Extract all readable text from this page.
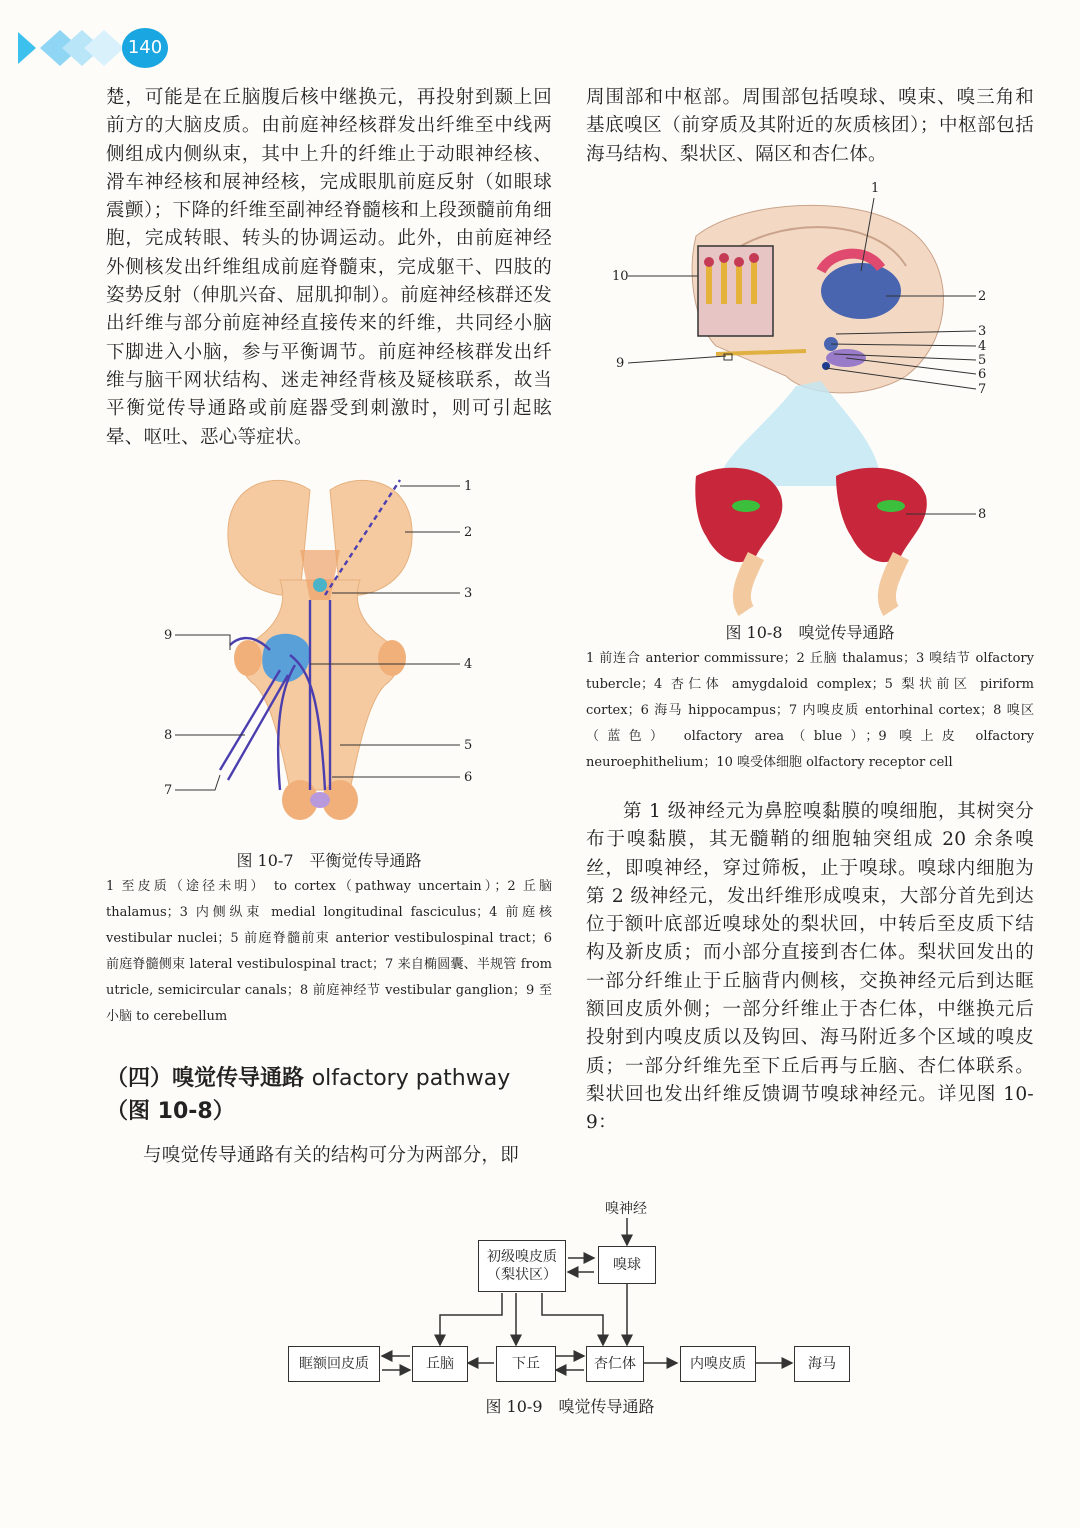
140

楚，可能是在丘脑腹后核中继换元，再投射到颞上回前方的大脑皮质。由前庭神经核群发出纤维至中线两侧组成内侧纵束，其中上升的纤维止于动眼神经核、滑车神经核和展神经核，完成眼肌前庭反射（如眼球震颤）；下降的纤维至副神经脊髓核和上段颈髓前角细胞，完成转眼、转头的协调运动。此外，由前庭神经外侧核发出纤维组成前庭脊髓束，完成躯干、四肢的姿势反射（伸肌兴奋、屈肌抑制）。前庭神经核群还发出纤维与部分前庭神经直接传来的纤维，共同经小脑下脚进入小脑，参与平衡调节。前庭神经核群发出纤维与脑干网状结构、迷走神经背核及疑核联系，故当平衡觉传导通路或前庭器受到刺激时，则可引起眩晕、呕吐、恶心等症状。

1
2
3
4
5
6
7
8
9
图 10-7　平衡觉传导通路
1 至皮质（途径未明） to cortex（pathway uncertain）；2 丘脑 thalamus；3 内侧纵束 medial longitudinal fasciculus；4 前庭核 vestibular nuclei；5 前庭脊髓前束 anterior vestibulospinal tract；6 前庭脊髓侧束 lateral vestibulospinal tract；7 来自椭圆囊、半规管 from utricle, semicircular canals；8 前庭神经节 vestibular ganglion；9 至小脑 to cerebellum
（四）嗅觉传导通路 olfactory pathway
（图 10-8）

与嗅觉传导通路有关的结构可分为两部分，即

周围部和中枢部。周围部包括嗅球、嗅束、嗅三角和基底嗅区（前穿质及其附近的灰质核团）；中枢部包括海马结构、梨状区、隔区和杏仁体。

1
2
3
4
5
6
7
8
9
10
图 10-8　嗅觉传导通路
1 前连合 anterior commissure；2 丘脑 thalamus；3 嗅结节 olfactory tubercle；4 杏仁体 amygdaloid complex；5 梨状前区 piriform cortex；6 海马 hippocampus；7 内嗅皮质 entorhinal cortex；8 嗅区（蓝色） olfactory area（blue）；9 嗅上皮 olfactory neuroephithelium；10 嗅受体细胞 olfactory receptor cell

第 1 级神经元为鼻腔嗅黏膜的嗅细胞，其树突分布于嗅黏膜，其无髓鞘的细胞轴突组成 20 余条嗅丝，即嗅神经，穿过筛板，止于嗅球。嗅球内细胞为第 2 级神经元，发出纤维形成嗅束，大部分首先到达位于额叶底部近嗅球处的梨状回，中转后至皮质下结构及新皮质；而小部分直接到杏仁体。梨状回发出的一部分纤维止于丘脑背内侧核，交换神经元后到达眶额回皮质外侧；一部分纤维止于杏仁体，中继换元后投射到内嗅皮质以及钩回、海马附近多个区域的嗅皮质；一部分纤维先至下丘后再与丘脑、杏仁体联系。梨状回也发出纤维反馈调节嗅球神经元。详见图 10-9：

嗅神经
初级嗅皮质
（梨状区）
嗅球
眶额回皮质	丘脑	下丘	杏仁体	内嗅皮质	海马
图 10-9　嗅觉传导通路
